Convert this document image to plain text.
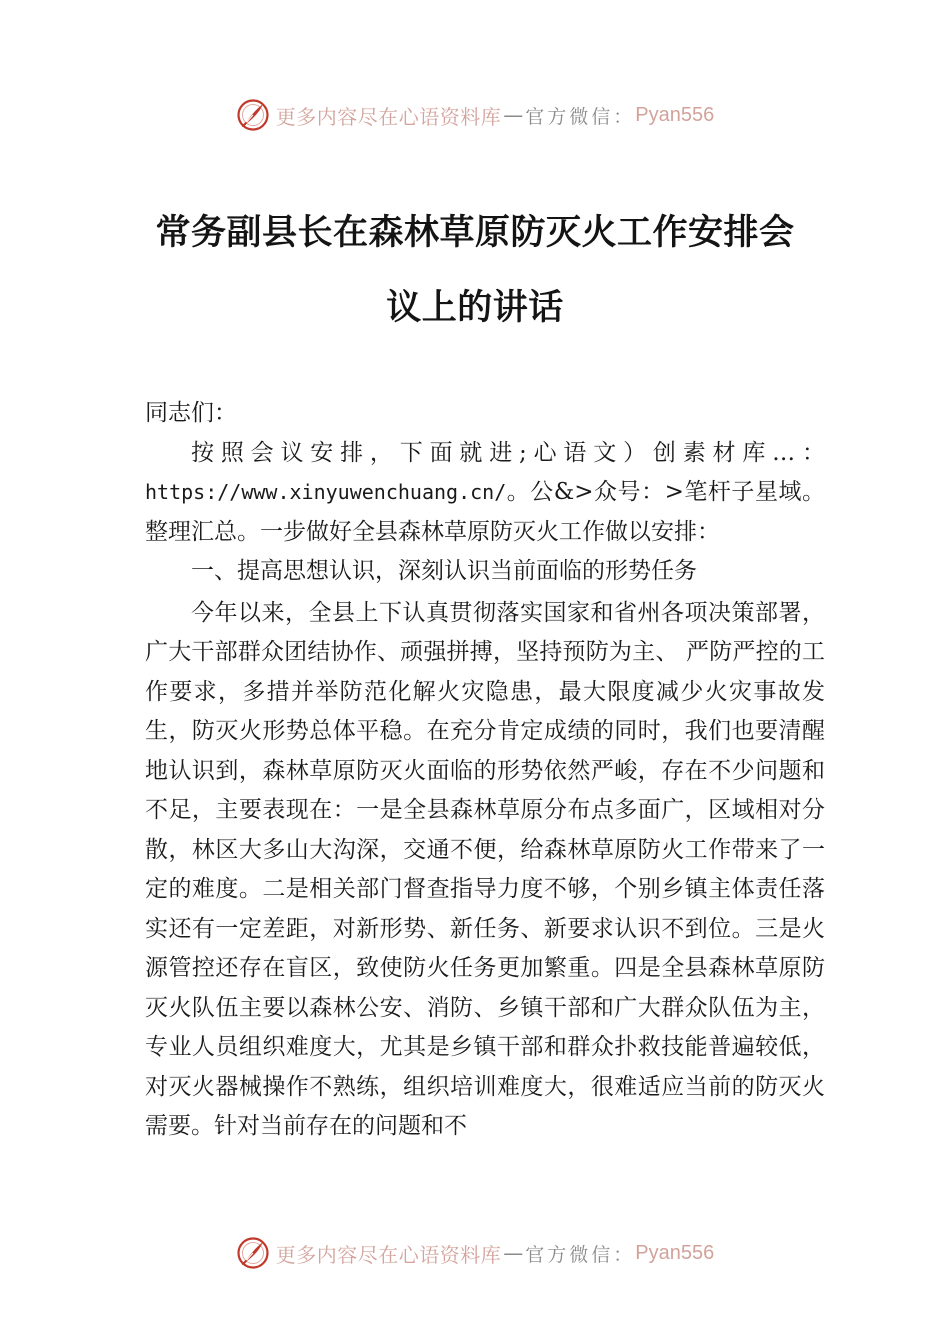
更多内容尽在心语资料库 — 官方微信： Pyan556
常务副县长在森林草原防灭火工作安排会
议上的讲话

同志们：

按照会议安排，下面就进;心语文）创素材库…：https://www.xinyuwenchuang.cn/。公&>众号：>笔杆子星域。整理汇总。一步做好全县森林草原防灭火工作做以安排：

一、提高思想认识，深刻认识当前面临的形势任务

今年以来，全县上下认真贯彻落实国家和省州各项决策部署，广大干部群众团结协作、顽强拼搏，坚持预防为主、 严防严控的工作要求，多措并举防范化解火灾隐患，最大限度减少火灾事故发生，防灭火形势总体平稳。在充分肯定成绩的同时，我们也要清醒地认识到，森林草原防灭火面临的形势依然严峻，存在不少问题和不足，主要表现在：一是全县森林草原分布点多面广，区域相对分散，林区大多山大沟深，交通不便，给森林草原防火工作带来了一定的难度。二是相关部门督查指导力度不够，个别乡镇主体责任落实还有一定差距，对新形势、新任务、新要求认识不到位。三是火源管控还存在盲区，致使防火任务更加繁重。四是全县森林草原防灭火队伍主要以森林公安、消防、乡镇干部和广大群众队伍为主，专业人员组织难度大，尤其是乡镇干部和群众扑救技能普遍较低，对灭火器械操作不熟练，组织培训难度大，很难适应当前的防灭火需要。针对当前存在的问题和不

更多内容尽在心语资料库 — 官方微信： Pyan556
